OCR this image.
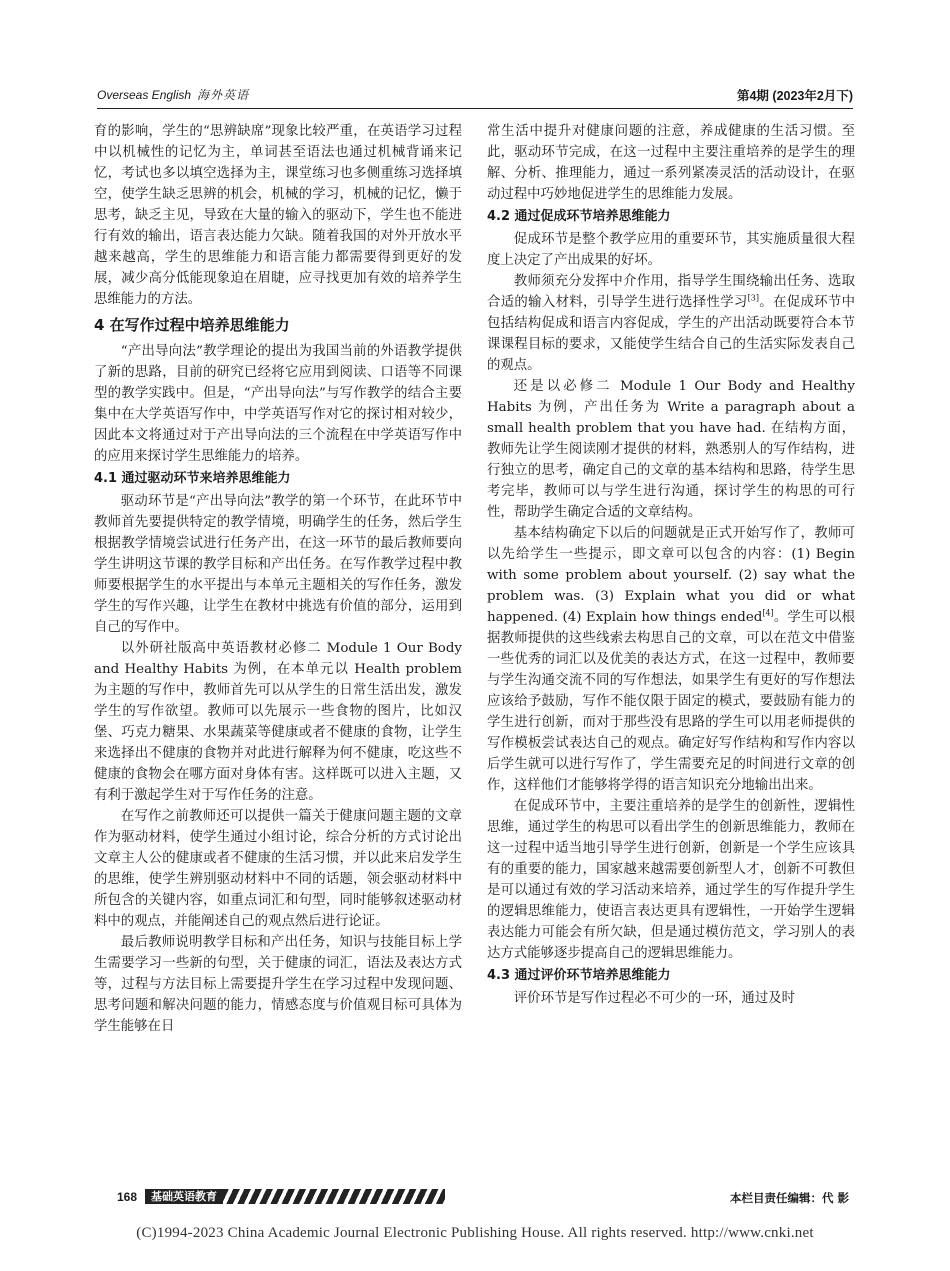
Overseas English 海外英语	第4期 (2023年2月下)

育的影响，学生的“思辨缺席”现象比较严重，在英语学习过程中以机械性的记忆为主，单词甚至语法也通过机械背诵来记忆，考试也多以填空选择为主，课堂练习也多侧重练习选择填空，使学生缺乏思辨的机会，机械的学习，机械的记忆，懒于思考，缺乏主见，导致在大量的输入的驱动下，学生也不能进行有效的输出，语言表达能力欠缺。随着我国的对外开放水平越来越高，学生的思维能力和语言能力都需要得到更好的发展，减少高分低能现象迫在眉睫，应寻找更加有效的培养学生思维能力的方法。

4 在写作过程中培养思维能力

“产出导向法”教学理论的提出为我国当前的外语教学提供了新的思路，目前的研究已经将它应用到阅读、口语等不同课型的教学实践中。但是，“产出导向法”与写作教学的结合主要集中在大学英语写作中，中学英语写作对它的探讨相对较少，因此本文将通过对于产出导向法的三个流程在中学英语写作中的应用来探讨学生思维能力的培养。

4.1 通过驱动环节来培养思维能力

驱动环节是“产出导向法”教学的第一个环节，在此环节中教师首先要提供特定的教学情境，明确学生的任务，然后学生根据教学情境尝试进行任务产出，在这一环节的最后教师要向学生讲明这节课的教学目标和产出任务。在写作教学过程中教师要根据学生的水平提出与本单元主题相关的写作任务，激发学生的写作兴趣，让学生在教材中挑选有价值的部分，运用到自己的写作中。

以外研社版高中英语教材必修二 Module 1 Our Body and Healthy Habits 为例，在本单元以 Health problem 为主题的写作中，教师首先可以从学生的日常生活出发，激发学生的写作欲望。教师可以先展示一些食物的图片，比如汉堡、巧克力糖果、水果蔬菜等健康或者不健康的食物，让学生来选择出不健康的食物并对此进行解释为何不健康，吃这些不健康的食物会在哪方面对身体有害。这样既可以进入主题，又有利于激起学生对于写作任务的注意。

在写作之前教师还可以提供一篇关于健康问题主题的文章作为驱动材料，使学生通过小组讨论，综合分析的方式讨论出文章主人公的健康或者不健康的生活习惯，并以此来启发学生的思维，使学生辨别驱动材料中不同的话题，领会驱动材料中所包含的关键内容，如重点词汇和句型，同时能够叙述驱动材料中的观点，并能阐述自己的观点然后进行论证。

最后教师说明教学目标和产出任务，知识与技能目标上学生需要学习一些新的句型，关于健康的词汇，语法及表达方式等，过程与方法目标上需要提升学生在学习过程中发现问题、思考问题和解决问题的能力，情感态度与价值观目标可具体为学生能够在日

常生活中提升对健康问题的注意，养成健康的生活习惯。至此，驱动环节完成，在这一过程中主要注重培养的是学生的理解、分析、推理能力，通过一系列紧凑灵活的活动设计，在驱动过程中巧妙地促进学生的思维能力发展。

4.2 通过促成环节培养思维能力

促成环节是整个教学应用的重要环节，其实施质量很大程度上决定了产出成果的好坏。

教师须充分发挥中介作用，指导学生围绕输出任务、选取合适的输入材料，引导学生进行选择性学习[3]。在促成环节中包括结构促成和语言内容促成，学生的产出活动既要符合本节课课程目标的要求，又能使学生结合自己的生活实际发表自己的观点。

还是以必修二 Module 1 Our Body and Healthy Habits 为例，产出任务为 Write a paragraph about a small health problem that you have had. 在结构方面，教师先让学生阅读刚才提供的材料，熟悉别人的写作结构，进行独立的思考，确定自己的文章的基本结构和思路，待学生思考完毕，教师可以与学生进行沟通，探讨学生的构思的可行性，帮助学生确定合适的文章结构。

基本结构确定下以后的问题就是正式开始写作了，教师可以先给学生一些提示，即文章可以包含的内容：(1) Begin with some problem about yourself. (2) say what the problem was. (3) Explain what you did or what happened. (4) Explain how things ended[4]。学生可以根据教师提供的这些线索去构思自己的文章，可以在范文中借鉴一些优秀的词汇以及优美的表达方式，在这一过程中，教师要与学生沟通交流不同的写作想法，如果学生有更好的写作想法应该给予鼓励，写作不能仅限于固定的模式，要鼓励有能力的学生进行创新，而对于那些没有思路的学生可以用老师提供的写作模板尝试表达自己的观点。确定好写作结构和写作内容以后学生就可以进行写作了，学生需要充足的时间进行文章的创作，这样他们才能够将学得的语言知识充分地输出出来。

在促成环节中，主要注重培养的是学生的创新性，逻辑性思维，通过学生的构思可以看出学生的创新思维能力，教师在这一过程中适当地引导学生进行创新，创新是一个学生应该具有的重要的能力，国家越来越需要创新型人才，创新不可教但是可以通过有效的学习活动来培养，通过学生的写作提升学生的逻辑思维能力，使语言表达更具有逻辑性，一开始学生逻辑表达能力可能会有所欠缺，但是通过模仿范文，学习别人的表达方式能够逐步提高自己的逻辑思维能力。

4.3 通过评价环节培养思维能力

评价环节是写作过程必不可少的一环，通过及时

168	基础英语教育	本栏目责任编辑：代 影
(C)1994-2023 China Academic Journal Electronic Publishing House. All rights reserved. http://www.cnki.net
